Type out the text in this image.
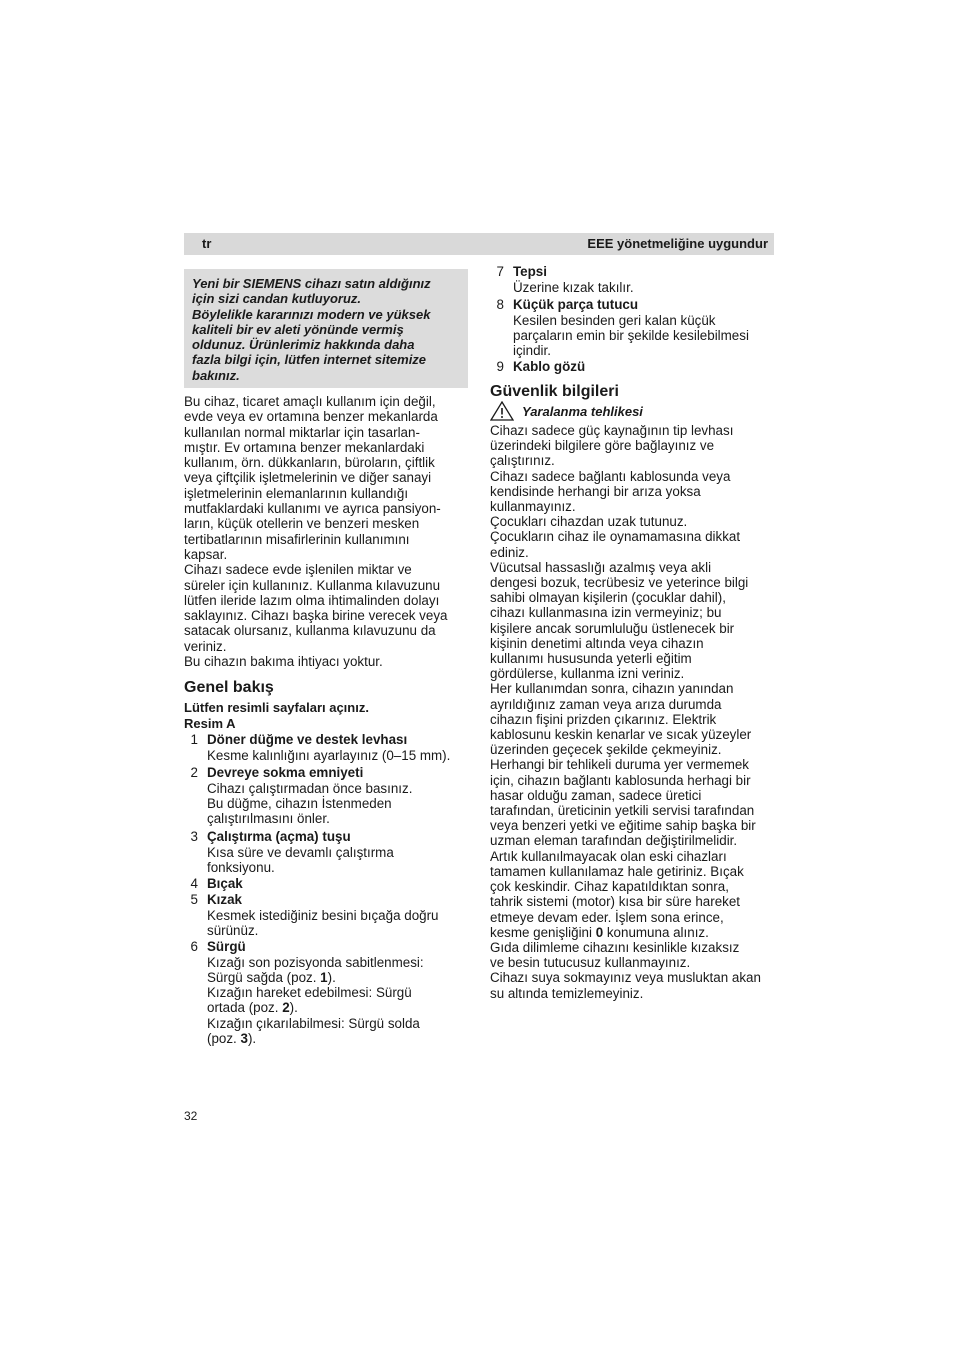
tr	EEE yönetmeliğine uygundur
Yeni bir SIEMENS cihazı satın aldığınız
için sizi candan kutluyoruz.
Böylelikle kararınızı modern ve yüksek
kaliteli bir ev aleti yönünde vermiş
oldunuz. Ürünlerimiz hakkında daha
fazla bilgi için, lütfen internet sitemize
bakınız.

Bu cihaz, ticaret amaçlı kullanım için değil,

evde veya ev ortamına benzer mekanlarda

kullanılan normal miktarlar için tasarlan-

mıştır. Ev ortamına benzer mekanlardaki

kullanım, örn. dükkanların, büroların, çiftlik

veya çiftçilik işletmelerinin ve diğer sanayi

işletmelerinin elemanlarının kullandığı

mutfaklardaki kullanımı ve ayrıca pansiyon-

ların, küçük otellerin ve benzeri mesken

tertibatlarının misafirlerinin kullanımını

kapsar.

Cihazı sadece evde işlenilen miktar ve

süreler için kullanınız. Kullanma kılavuzunu

lütfen ileride lazım olma ihtimalinden dolayı

saklayınız. Cihazı başka birine verecek veya

satacak olursanız, kullanma kılavuzunu da

veriniz.

Bu cihazın bakıma ihtiyacı yoktur.

Genel bakış
Lütfen resimli sayfaları açınız.
Resim A
1 Döner düğme ve destek levhası

Kesme kalınlığını ayarlayınız (0–15 mm).

2 Devreye sokma emniyeti

Cihazı çalıştırmadan önce basınız.

Bu düğme, cihazın İstenmeden

çalıştırılmasını önler.

3 Çalıştırma (açma) tuşu

Kısa süre ve devamlı çalıştırma

fonksiyonu.

4 Bıçak
5 Kızak

Kesmek istediğiniz besini bıçağa doğru

sürünüz.

6 Sürgü

Kızağı son pozisyonda sabitlenmesi:

Sürgü sağda (poz. 1).

Kızağın hareket edebilmesi: Sürgü

ortada (poz. 2).

Kızağın çıkarılabilmesi: Sürgü solda

(poz. 3).

7 Tepsi

Üzerine kızak takılır.

8 Küçük parça tutucu

Kesilen besinden geri kalan küçük

parçaların emin bir şekilde kesilebilmesi

içindir.

9 Kablo gözü
Güvenlik bilgileri
Yaralanma tehlikesi

Cihazı sadece güç kaynağının tip levhası

üzerindeki bilgilere göre bağlayınız ve

çalıştırınız.

Cihazı sadece bağlantı kablosunda veya

kendisinde herhangi bir arıza yoksa

kullanmayınız.

Çocukları cihazdan uzak tutunuz.

Çocukların cihaz ile oynamamasına dikkat

ediniz.

Vücutsal hassaslığı azalmış veya akli

dengesi bozuk, tecrübesiz ve yeterince bilgi

sahibi olmayan kişilerin (çocuklar dahil),

cihazı kullanmasına izin vermeyiniz; bu

kişilere ancak sorumluluğu üstlenecek bir

kişinin denetimi altında veya cihazın

kullanımı hususunda yeterli eğitim

gördülerse, kullanma izni veriniz.

Her kullanımdan sonra, cihazın yanından

ayrıldığınız zaman veya arıza durumda

cihazın fişini prizden çıkarınız. Elektrik

kablosunu keskin kenarlar ve sıcak yüzeyler

üzerinden geçecek şekilde çekmeyiniz.

Herhangi bir tehlikeli duruma yer vermemek

için, cihazın bağlantı kablosunda herhagi bir

hasar olduğu zaman, sadece üretici

tarafından, üreticinin yetkili servisi tarafından

veya benzeri yetki ve eğitime sahip başka bir

uzman eleman tarafından değiştirilmelidir.

Artık kullanılmayacak olan eski cihazları

tamamen kullanılamaz hale getiriniz. Bıçak

çok keskindir. Cihaz kapatıldıktan sonra,

tahrik sistemi (motor) kısa bir süre hareket

etmeye devam eder. İşlem sona erince,

kesme genişliğini 0 konumuna alınız.

Gıda dilimleme cihazını kesinlikle kızaksız

ve besin tutucusuz kullanmayınız.

Cihazı suya sokmayınız veya musluktan akan

su altında temizlemeyiniz.

32
